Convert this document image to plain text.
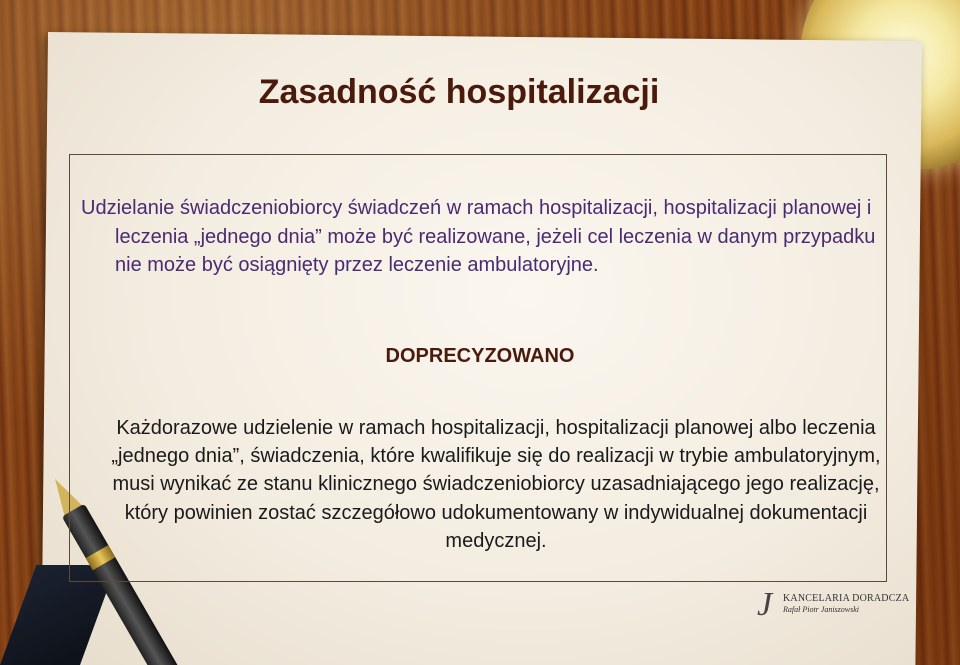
Zasadność hospitalizacji

Udzielanie świadczeniobiorcy świadczeń w ramach hospitalizacji, hospitalizacji planowej i leczenia „jednego dnia” może być realizowane, jeżeli cel leczenia w danym przypadku nie może być osiągnięty przez leczenie ambulatoryjne.

DOPRECYZOWANO

Każdorazowe udzielenie w ramach hospitalizacji, hospitalizacji planowej albo leczenia „jednego dnia”, świadczenia, które kwalifikuje się do realizacji w trybie ambulatoryjnym, musi wynikać ze stanu klinicznego świadczeniobiorcy uzasadniającego jego realizację, który powinien zostać szczegółowo udokumentowany w indywidualnej dokumentacji medycznej.

J KANCELARIA DORADCZA
Rafał Piotr Janiszowski
